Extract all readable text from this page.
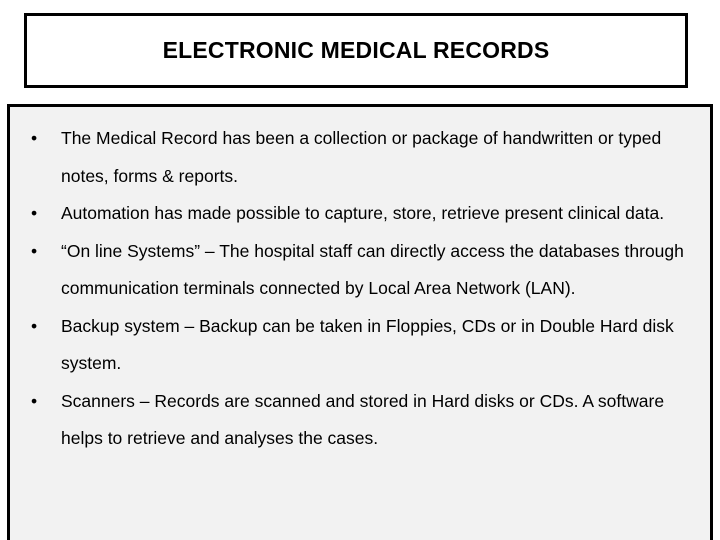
ELECTRONIC MEDICAL RECORDS
• The Medical Record has been a collection or package of handwritten or typed notes, forms & reports.
• Automation has made possible to capture, store, retrieve present clinical data.
• “On line Systems” – The hospital staff can directly access the databases through communication terminals connected by Local Area Network (LAN).
• Backup system – Backup can be taken in Floppies, CDs or in Double Hard disk system.
• Scanners – Records are scanned and stored in Hard disks or CDs. A software helps to retrieve and analyses the cases.
